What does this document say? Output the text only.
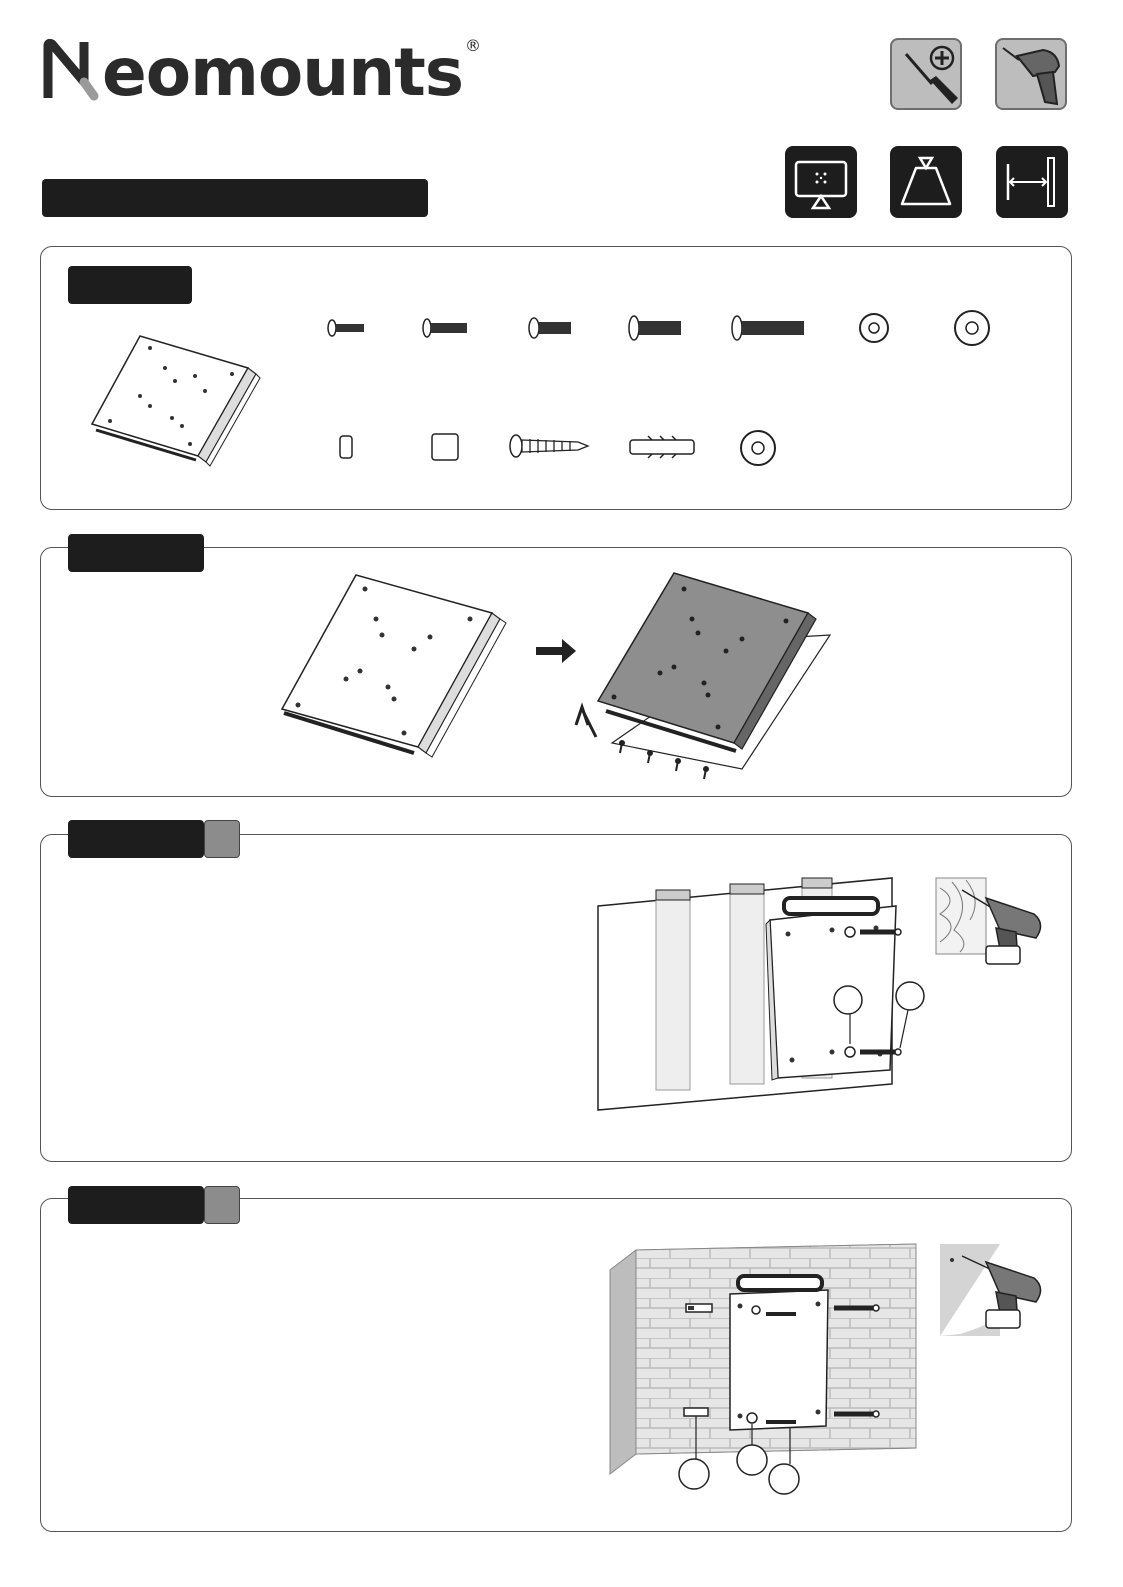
eomounts ®
